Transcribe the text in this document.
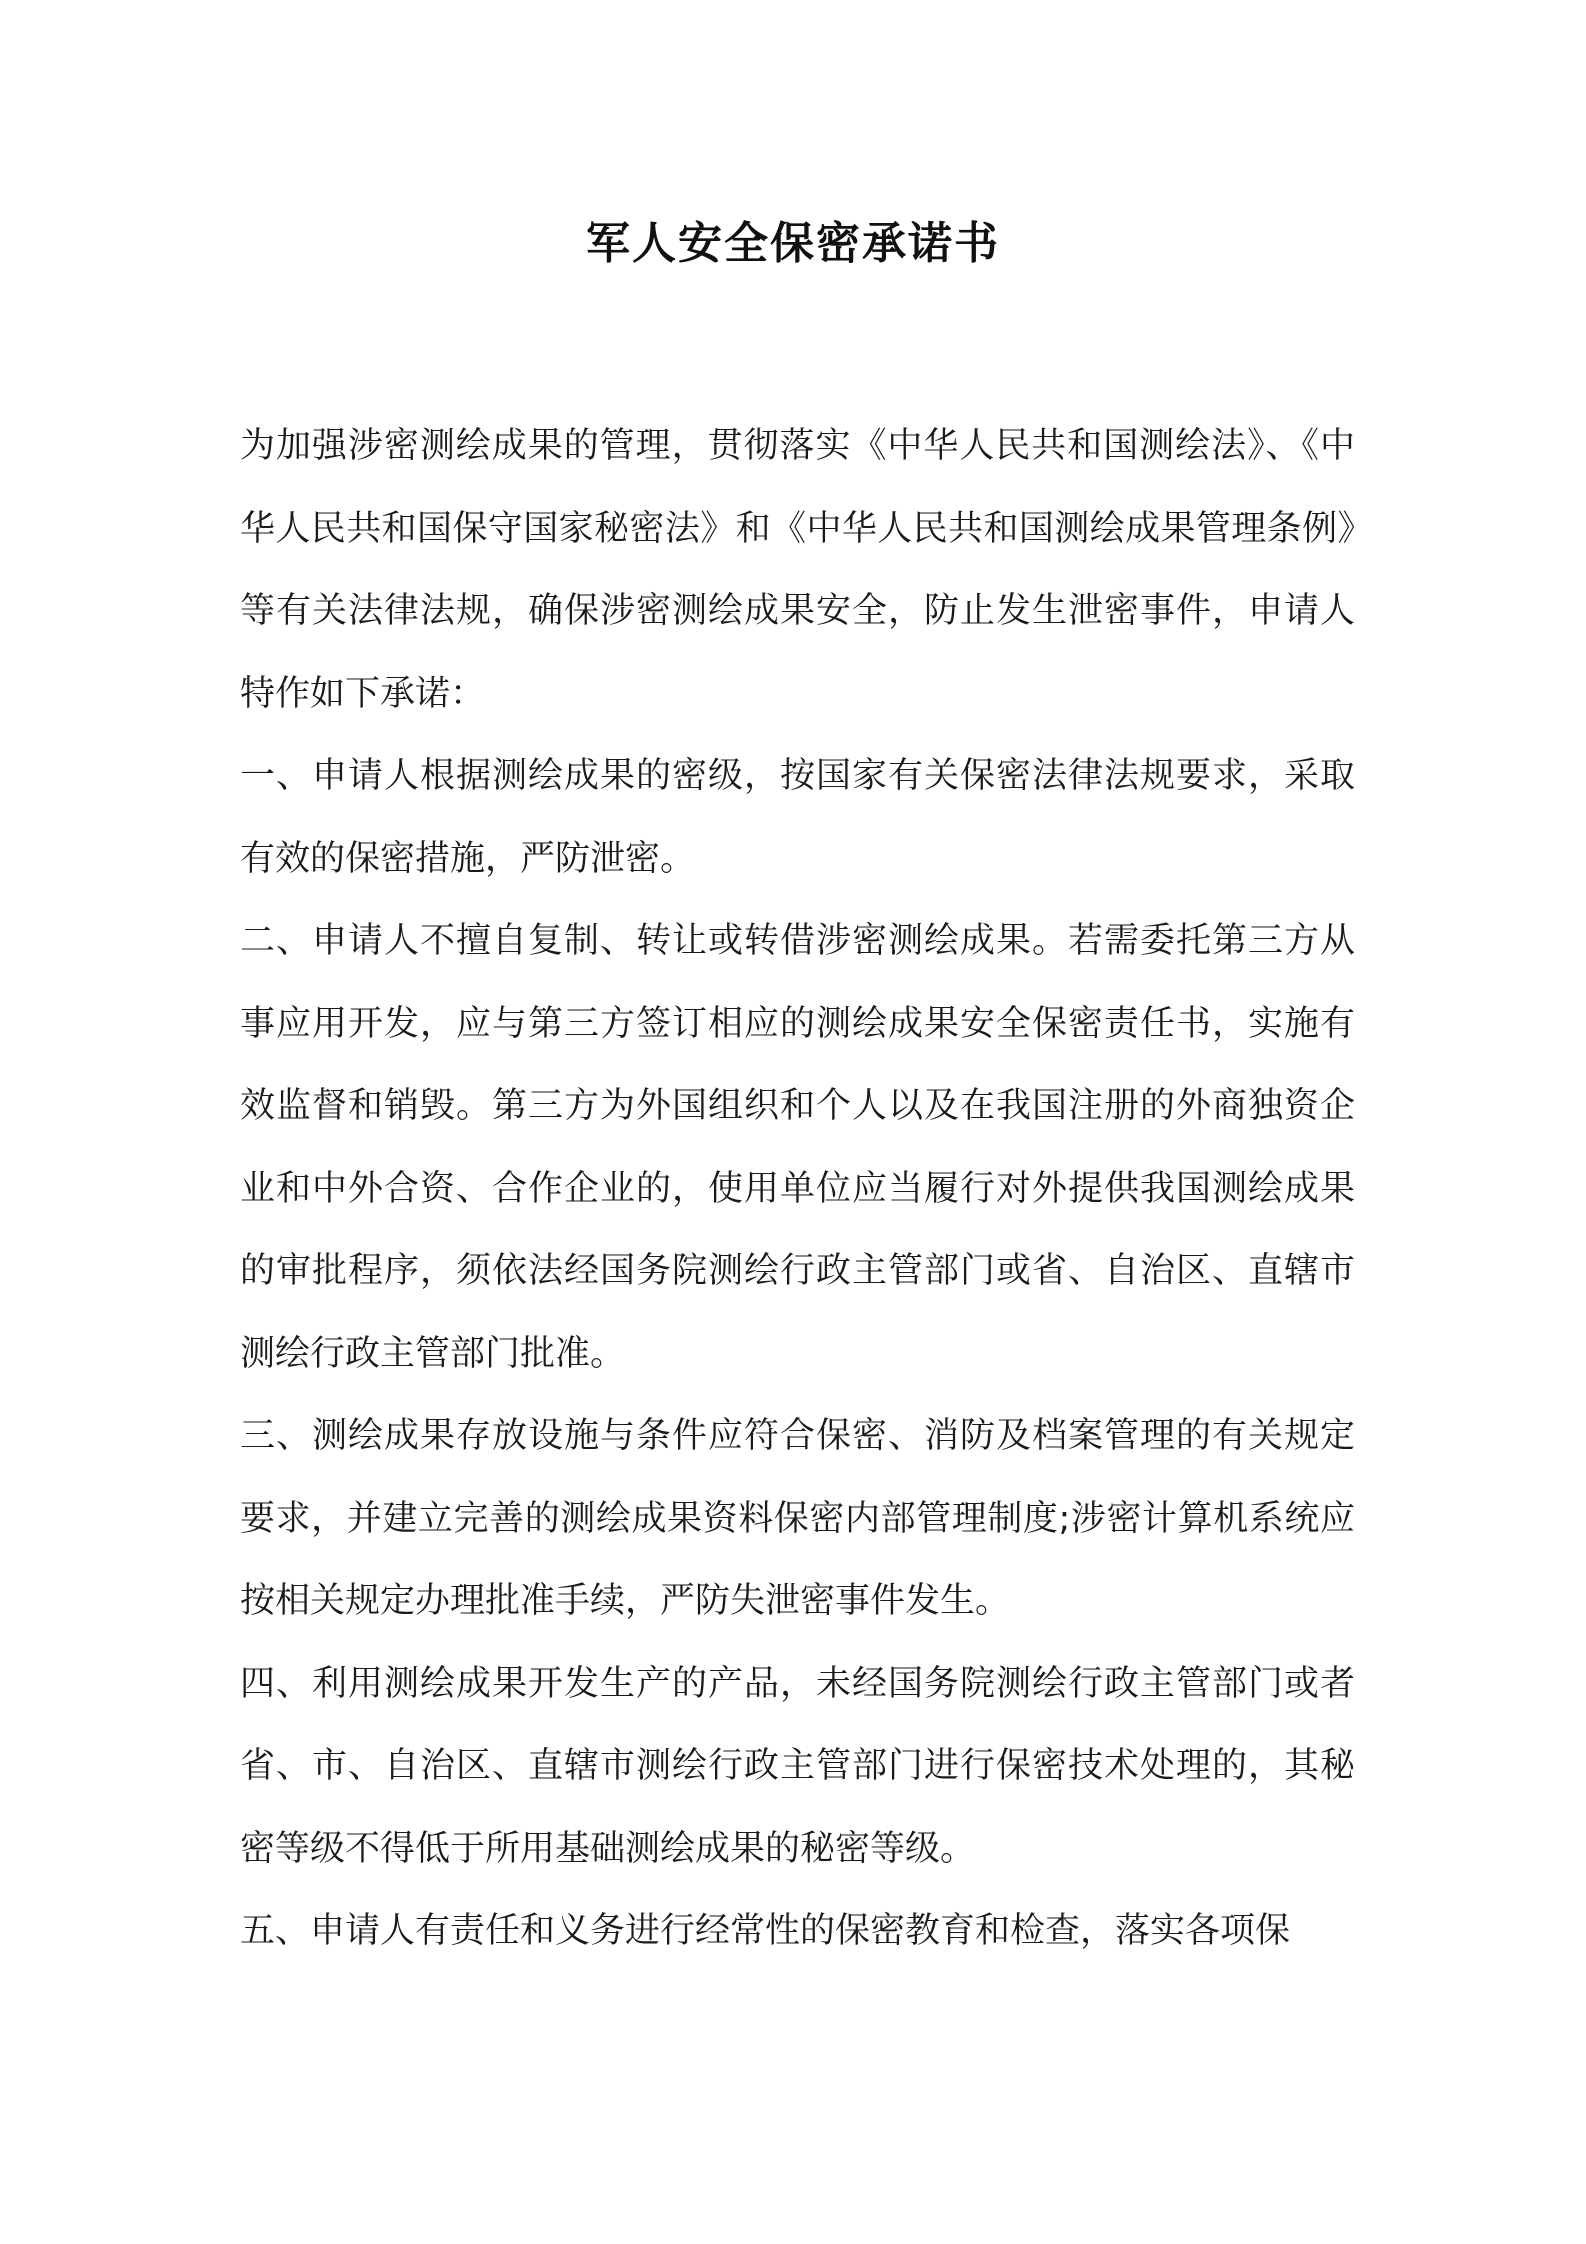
军人安全保密承诺书

为加强涉密测绘成果的管理，贯彻落实《中华人民共和国测绘法》、《中华人民共和国保守国家秘密法》和《中华人民共和国测绘成果管理条例》等有关法律法规，确保涉密测绘成果安全，防止发生泄密事件，申请人特作如下承诺：

一、申请人根据测绘成果的密级，按国家有关保密法律法规要求，采取有效的保密措施，严防泄密。

二、申请人不擅自复制、转让或转借涉密测绘成果。若需委托第三方从事应用开发，应与第三方签订相应的测绘成果安全保密责任书，实施有效监督和销毁。第三方为外国组织和个人以及在我国注册的外商独资企业和中外合资、合作企业的，使用单位应当履行对外提供我国测绘成果的审批程序，须依法经国务院测绘行政主管部门或省、自治区、直辖市测绘行政主管部门批准。

三、测绘成果存放设施与条件应符合保密、消防及档案管理的有关规定要求，并建立完善的测绘成果资料保密内部管理制度;涉密计算机系统应按相关规定办理批准手续，严防失泄密事件发生。

四、利用测绘成果开发生产的产品，未经国务院测绘行政主管部门或者省、市、自治区、直辖市测绘行政主管部门进行保密技术处理的，其秘密等级不得低于所用基础测绘成果的秘密等级。

五、申请人有责任和义务进行经常性的保密教育和检查，落实各项保
